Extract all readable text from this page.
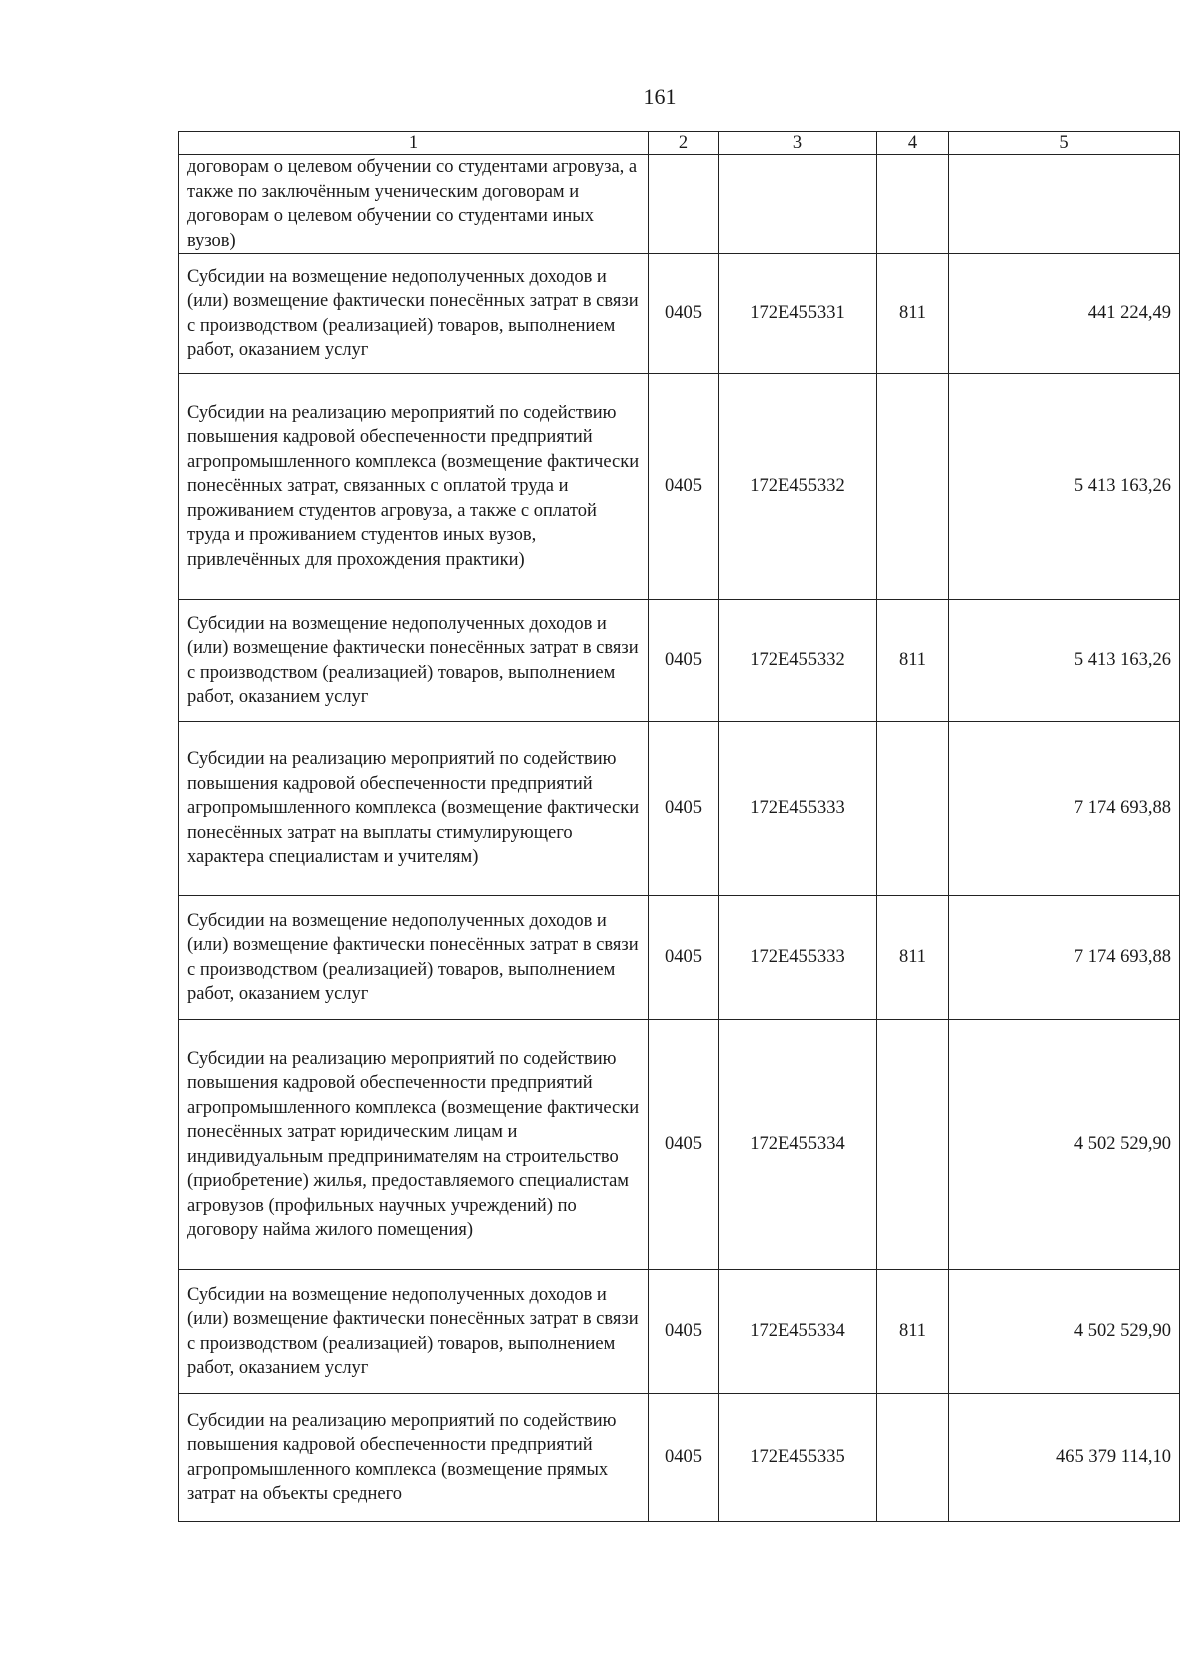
161
1	2	3	4	5
договорам о целевом обучении со студентами агровуза, а также по заключённым ученическим договорам и договорам о целевом обучении со студентами иных вузов)				
Субсидии на возмещение недополученных доходов и (или) возмещение фактически понесённых затрат в связи с производством (реализацией) товаров, выполнением работ, оказанием услуг	0405	172E455331	811	441 224,49
Субсидии на реализацию мероприятий по содействию повышения кадровой обеспеченности предприятий агропромышленного комплекса (возмещение фактически понесённых затрат, связанных с оплатой труда и проживанием студентов агровуза, а также с оплатой труда и проживанием студентов иных вузов, привлечённых для прохождения практики)	0405	172E455332		5 413 163,26
Субсидии на возмещение недополученных доходов и (или) возмещение фактически понесённых затрат в связи с производством (реализацией) товаров, выполнением работ, оказанием услуг	0405	172E455332	811	5 413 163,26
Субсидии на реализацию мероприятий по содействию повышения кадровой обеспеченности предприятий агропромышленного комплекса (возмещение фактически понесённых затрат на выплаты стимулирующего характера специалистам и учителям)	0405	172E455333		7 174 693,88
Субсидии на возмещение недополученных доходов и (или) возмещение фактически понесённых затрат в связи с производством (реализацией) товаров, выполнением работ, оказанием услуг	0405	172E455333	811	7 174 693,88
Субсидии на реализацию мероприятий по содействию повышения кадровой обеспеченности предприятий агропромышленного комплекса (возмещение фактически понесённых затрат юридическим лицам и индивидуальным предпринимателям на строительство (приобретение) жилья, предоставляемого специалистам агровузов (профильных научных учреждений) по договору найма жилого помещения)	0405	172E455334		4 502 529,90
Субсидии на возмещение недополученных доходов и (или) возмещение фактически понесённых затрат в связи с производством (реализацией) товаров, выполнением работ, оказанием услуг	0405	172E455334	811	4 502 529,90
Субсидии на реализацию мероприятий по содействию повышения кадровой обеспеченности предприятий агропромышленного комплекса (возмещение прямых затрат на объекты среднего	0405	172E455335		465 379 114,10
